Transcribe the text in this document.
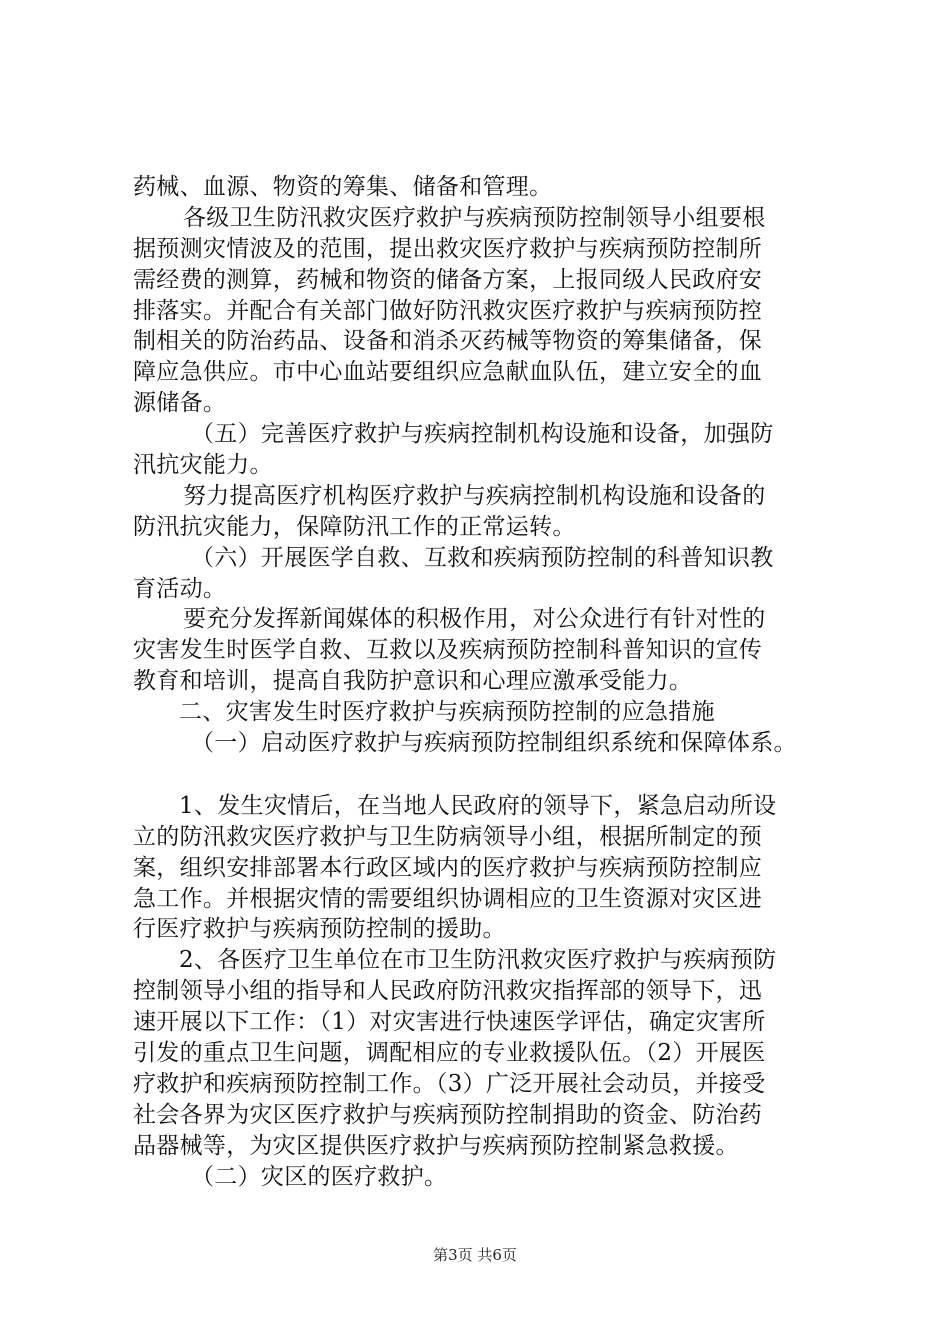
药械、血源、物资的筹集、储备和管理。
各级卫生防汛救灾医疗救护与疾病预防控制领导小组要根
据预测灾情波及的范围，提出救灾医疗救护与疾病预防控制所
需经费的测算，药械和物资的储备方案，上报同级人民政府安
排落实。并配合有关部门做好防汛救灾医疗救护与疾病预防控
制相关的防治药品、设备和消杀灭药械等物资的筹集储备，保
障应急供应。市中心血站要组织应急献血队伍，建立安全的血
源储备。
（五）完善医疗救护与疾病控制机构设施和设备，加强防
汛抗灾能力。
努力提高医疗机构医疗救护与疾病控制机构设施和设备的
防汛抗灾能力，保障防汛工作的正常运转。
（六）开展医学自救、互救和疾病预防控制的科普知识教
育活动。
要充分发挥新闻媒体的积极作用，对公众进行有针对性的
灾害发生时医学自救、互救以及疾病预防控制科普知识的宣传
教育和培训，提高自我防护意识和心理应激承受能力。
二、灾害发生时医疗救护与疾病预防控制的应急措施
（一）启动医疗救护与疾病预防控制组织系统和保障体系。
1、发生灾情后，在当地人民政府的领导下，紧急启动所设
立的防汛救灾医疗救护与卫生防病领导小组，根据所制定的预
案，组织安排部署本行政区域内的医疗救护与疾病预防控制应
急工作。并根据灾情的需要组织协调相应的卫生资源对灾区进
行医疗救护与疾病预防控制的援助。
2、各医疗卫生单位在市卫生防汛救灾医疗救护与疾病预防
控制领导小组的指导和人民政府防汛救灾指挥部的领导下，迅
速开展以下工作：（1）对灾害进行快速医学评估，确定灾害所
引发的重点卫生问题，调配相应的专业救援队伍。（2）开展医
疗救护和疾病预防控制工作。（3）广泛开展社会动员，并接受
社会各界为灾区医疗救护与疾病预防控制捐助的资金、防治药
品器械等，为灾区提供医疗救护与疾病预防控制紧急救援。
（二）灾区的医疗救护。
第3页 共6页
